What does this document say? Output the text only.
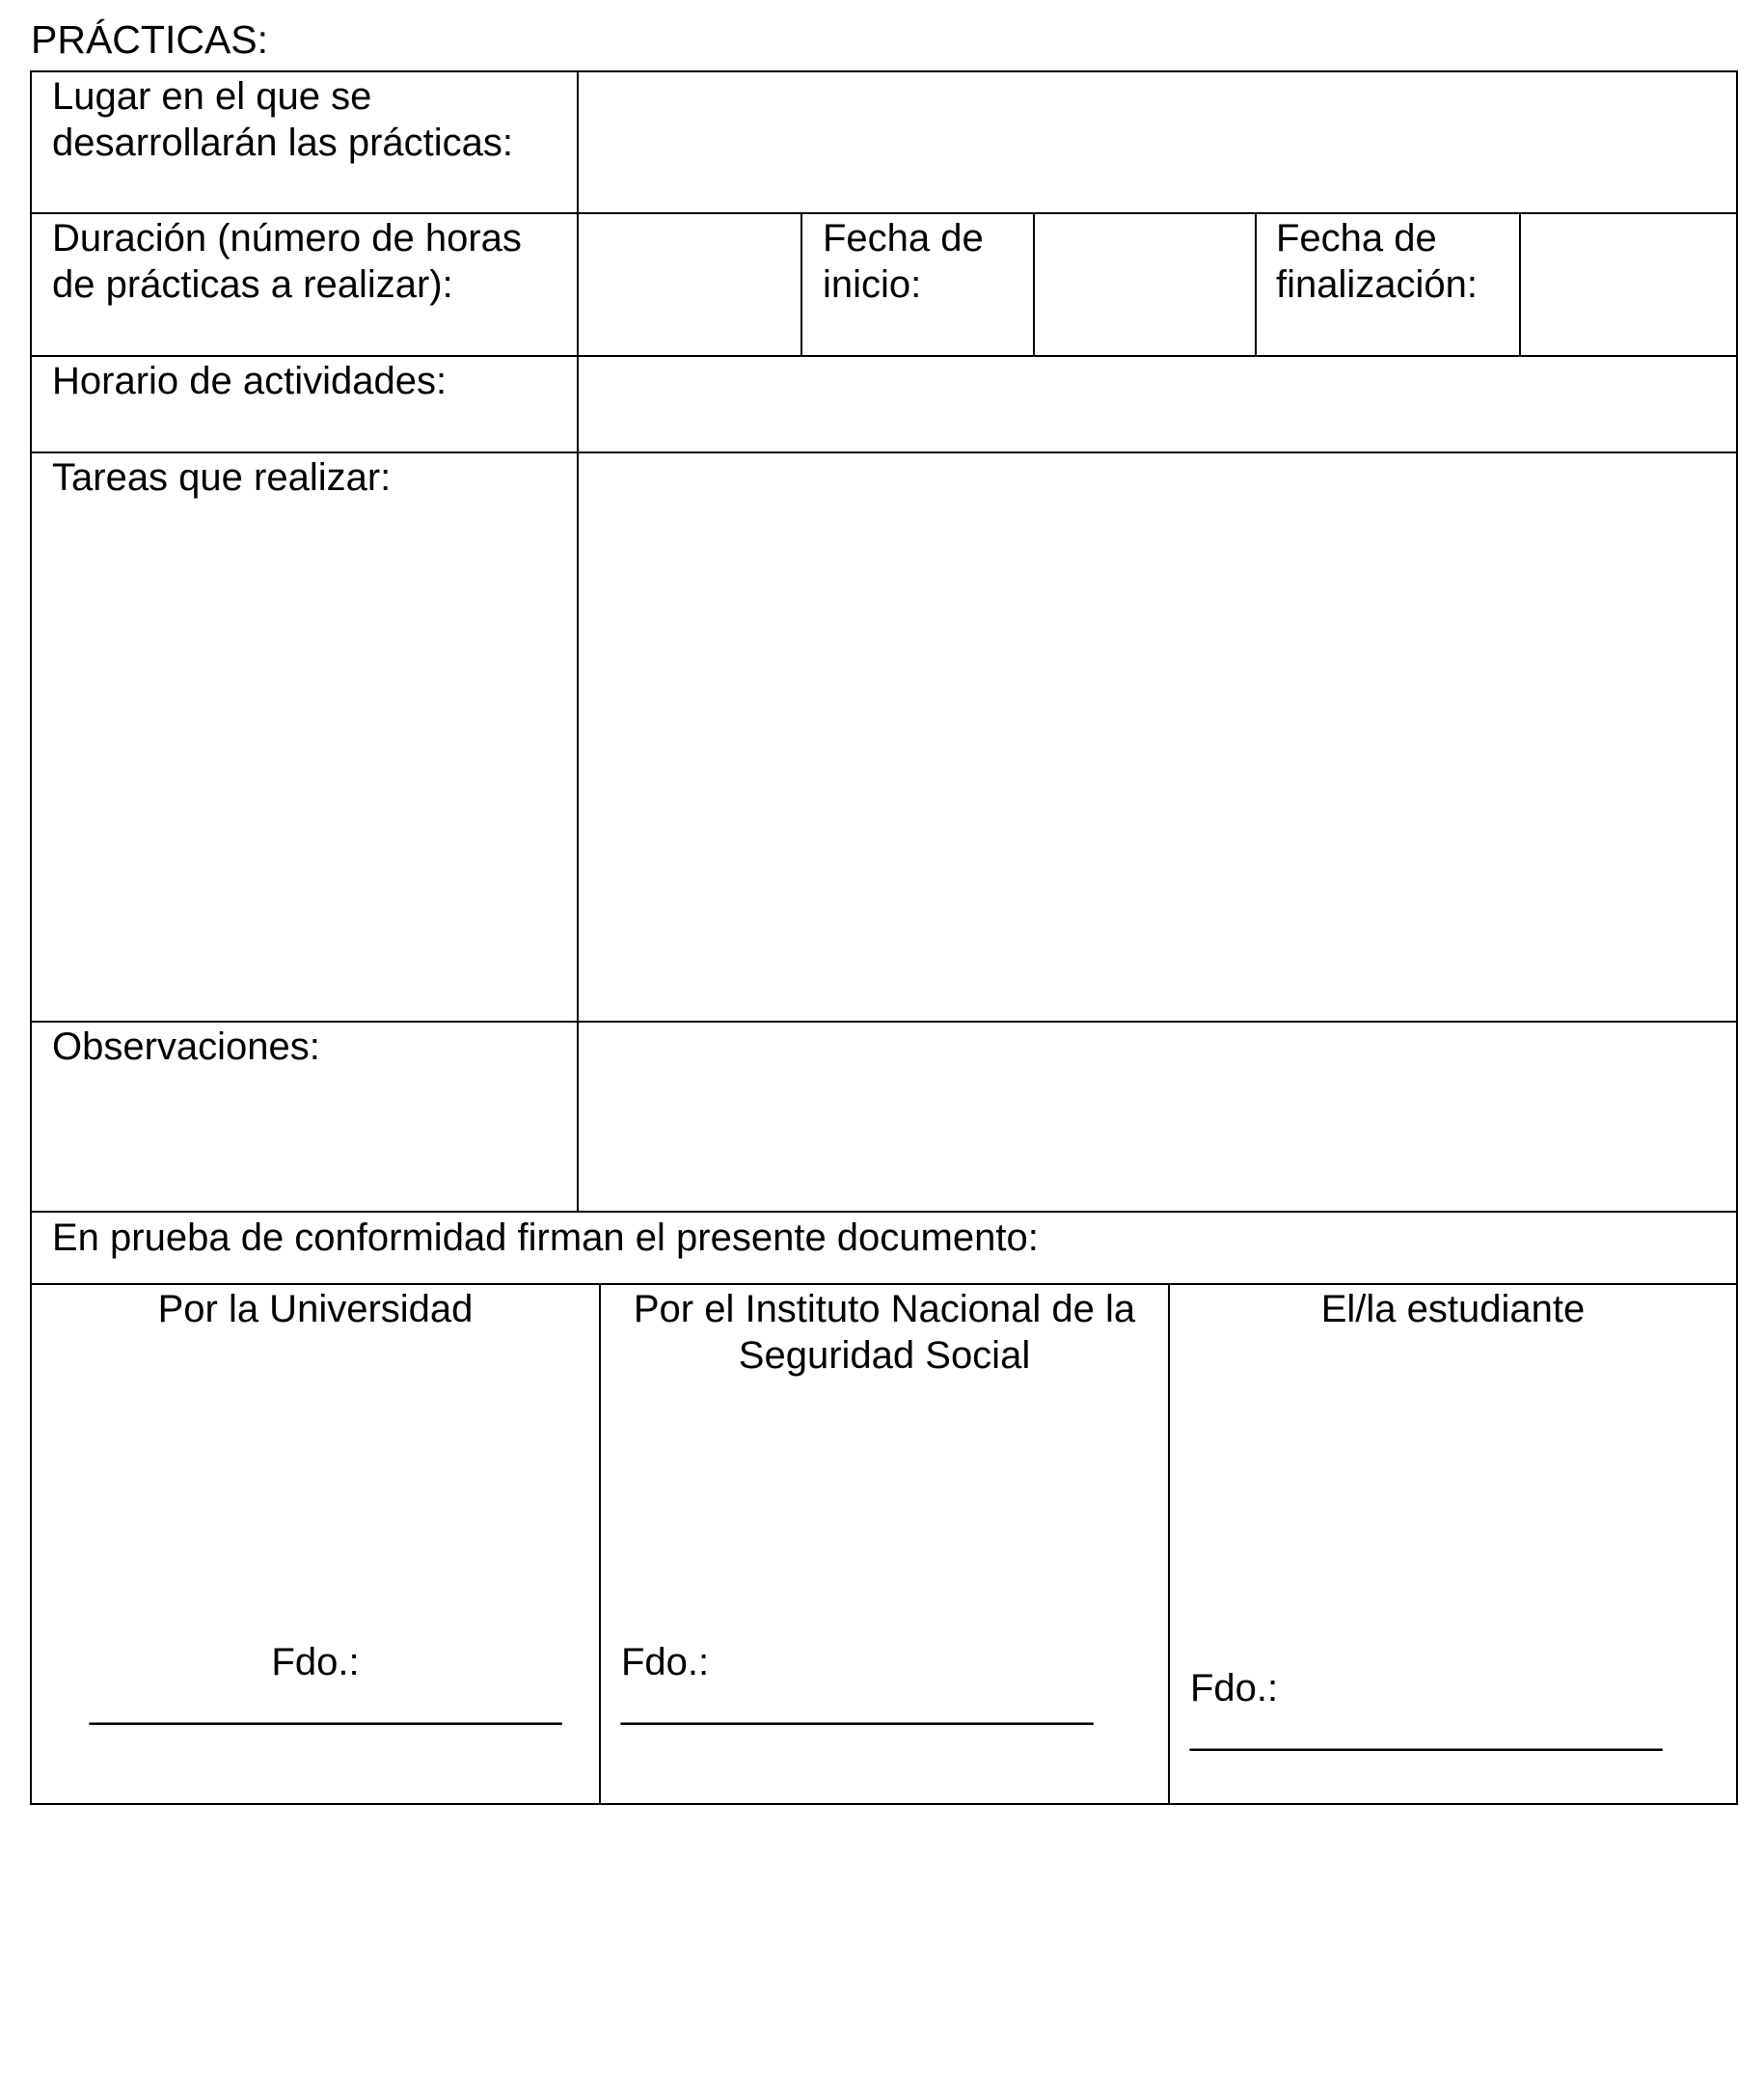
PRÁCTICAS:
Lugar en el que se
desarrollarán las prácticas:
Duración (número de horas
de prácticas a realizar):
Fecha de
inicio:
Fecha de
finalización:
Horario de actividades:
Tareas que realizar:
Observaciones:
En prueba de conformidad firman el presente documento:
Por la Universidad
Fdo.:
______________________
Por el Instituto Nacional de la
Seguridad Social
Fdo.:
______________________
El/la estudiante
Fdo.:
______________________
